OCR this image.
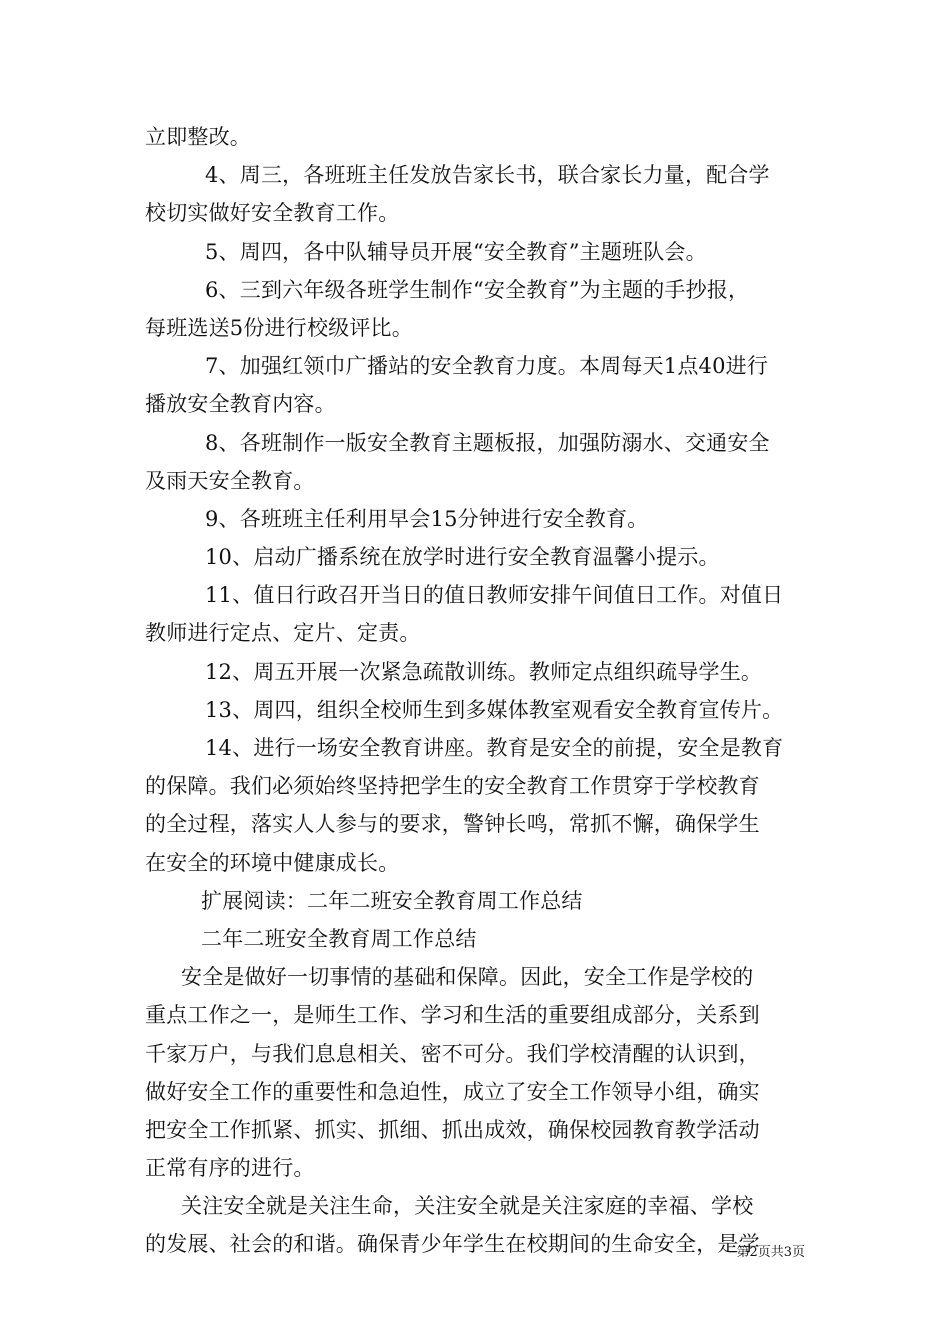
立即整改。
4、周三，各班班主任发放告家长书，联合家长力量，配合学
校切实做好安全教育工作。
5、周四，各中队辅导员开展“安全教育”主题班队会。
6、三到六年级各班学生制作“安全教育”为主题的手抄报，
每班选送5份进行校级评比。
7、加强红领巾广播站的安全教育力度。本周每天1点40进行
播放安全教育内容。
8、各班制作一版安全教育主题板报，加强防溺水、交通安全
及雨天安全教育。
9、各班班主任利用早会15分钟进行安全教育。
10、启动广播系统在放学时进行安全教育温馨小提示。
11、值日行政召开当日的值日教师安排午间值日工作。对值日
教师进行定点、定片、定责。
12、周五开展一次紧急疏散训练。教师定点组织疏导学生。
13、周四，组织全校师生到多媒体教室观看安全教育宣传片。
14、进行一场安全教育讲座。教育是安全的前提，安全是教育
的保障。我们必须始终坚持把学生的安全教育工作贯穿于学校教育
的全过程，落实人人参与的要求，警钟长鸣，常抓不懈，确保学生
在安全的环境中健康成长。
扩展阅读：二年二班安全教育周工作总结
二年二班安全教育周工作总结
安全是做好一切事情的基础和保障。因此，安全工作是学校的
重点工作之一，是师生工作、学习和生活的重要组成部分，关系到
千家万户，与我们息息相关、密不可分。我们学校清醒的认识到，
做好安全工作的重要性和急迫性，成立了安全工作领导小组，确实
把安全工作抓紧、抓实、抓细、抓出成效，确保校园教育教学活动
正常有序的进行。
关注安全就是关注生命，关注安全就是关注家庭的幸福、学校
的发展、社会的和谐。确保青少年学生在校期间的生命安全，是学
第2页共3页
